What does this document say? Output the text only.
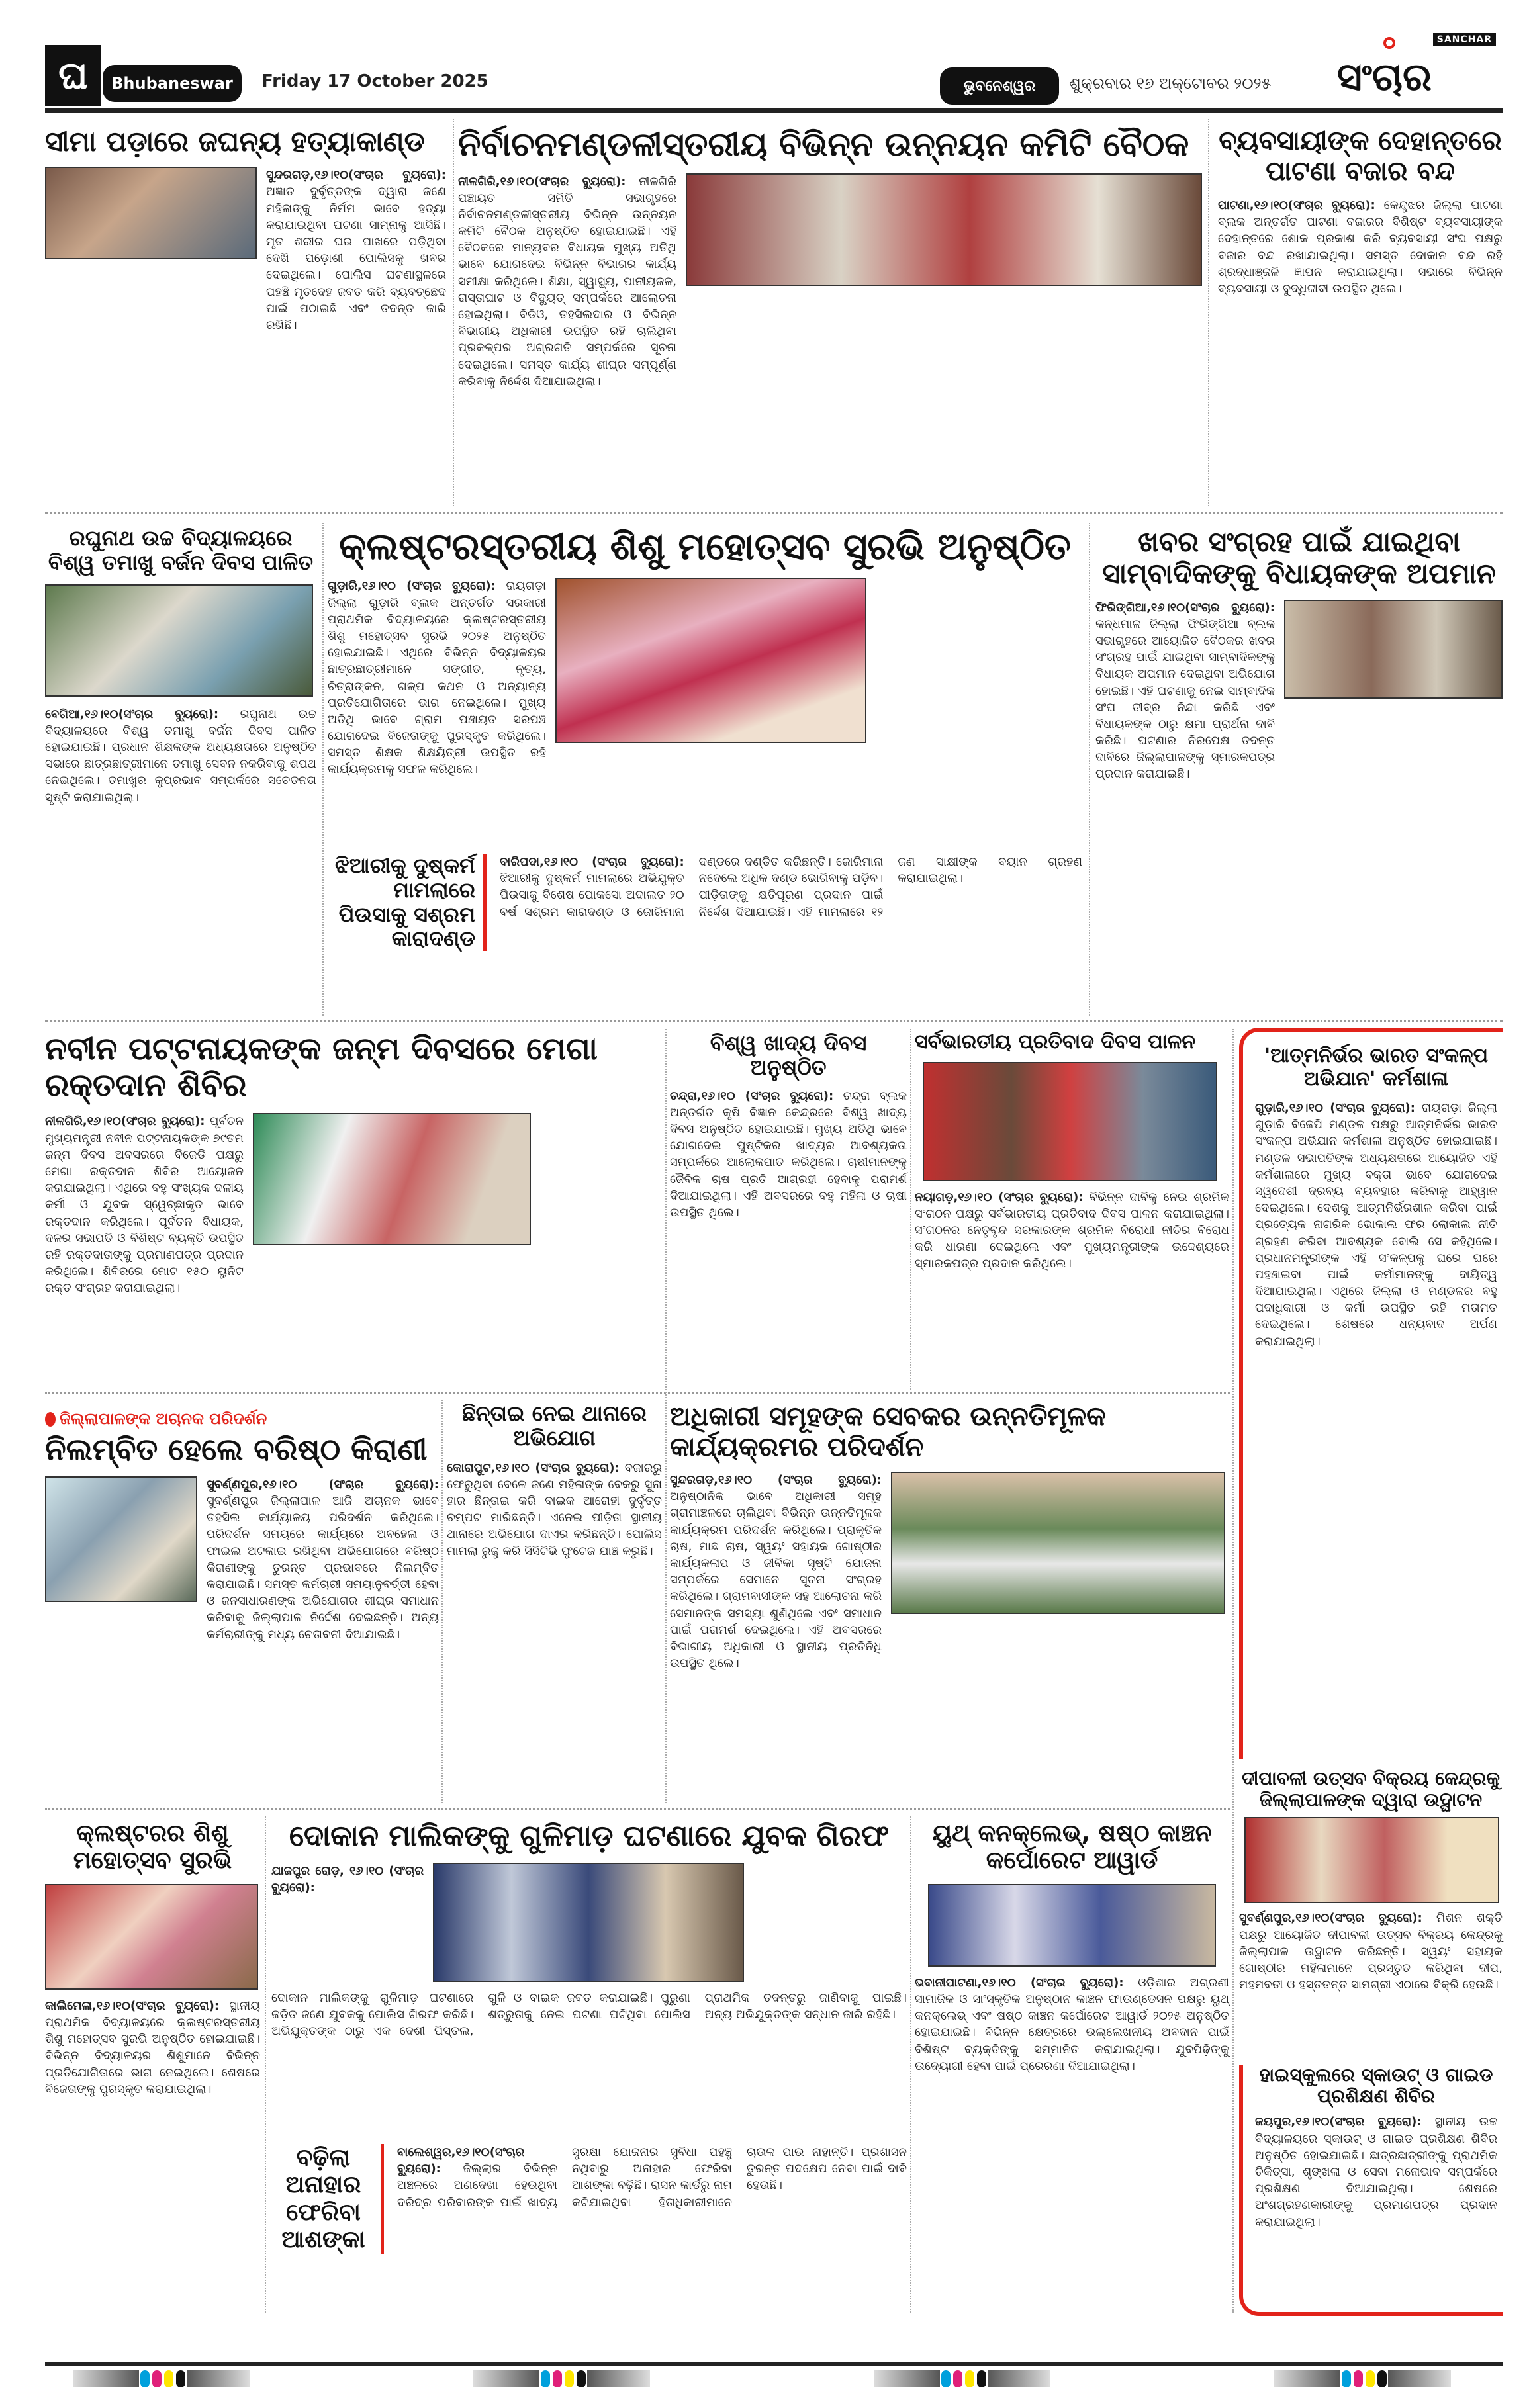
ଘ	Bhubaneswar	Friday 17 October 2025	ଭୁବନେଶ୍ୱର	ଶୁକ୍ରବାର ୧୭ ଅକ୍ଟୋବର ୨୦୨୫
SANCHAR
ସଂଚାର
ସୀମା ପଡ଼ାରେ ଜଘନ୍ୟ ହତ୍ୟାକାଣ୍ଡ
ସୁନ୍ଦରଗଡ଼,୧୬।୧୦(ସଂଚାର ବ୍ୟୁରୋ): ଅଜ୍ଞାତ ଦୁର୍ବୃତ୍ତଙ୍କ ଦ୍ୱାରା ଜଣେ ମହିଳାଙ୍କୁ ନିର୍ମମ ଭାବେ ହତ୍ୟା କରାଯାଇଥିବା ଘଟଣା ସାମ୍ନାକୁ ଆସିଛି। ମୃତ ଶରୀର ଘର ପାଖରେ ପଡ଼ିଥିବା ଦେଖି ପଡ଼ୋଶୀ ପୋଲିସକୁ ଖବର ଦେଇଥିଲେ। ପୋଲିସ ଘଟଣାସ୍ଥଳରେ ପହଞ୍ଚି ମୃତଦେହ ଜବତ କରି ବ୍ୟବଚ୍ଛେଦ ପାଇଁ ପଠାଇଛି ଏବଂ ତଦନ୍ତ ଜାରି ରଖିଛି।
ନିର୍ବାଚନମଣ୍ଡଳୀସ୍ତରୀୟ ବିଭିନ୍ନ ଉନ୍ନୟନ କମିଟି ବୈଠକ
ନୀଳଗିରି,୧୬।୧୦(ସଂଚାର ବ୍ୟୁରୋ): ନୀଳଗିରି ପଞ୍ଚାୟତ ସମିତି ସଭାଗୃହରେ ନିର୍ବାଚନମଣ୍ଡଳୀସ୍ତରୀୟ ବିଭିନ୍ନ ଉନ୍ନୟନ କମିଟି ବୈଠକ ଅନୁଷ୍ଠିତ ହୋଇଯାଇଛି। ଏହି ବୈଠକରେ ମାନ୍ୟବର ବିଧାୟକ ମୁଖ୍ୟ ଅତିଥି ଭାବେ ଯୋଗଦେଇ ବିଭିନ୍ନ ବିଭାଗର କାର୍ଯ୍ୟ ସମୀକ୍ଷା କରିଥିଲେ। ଶିକ୍ଷା, ସ୍ୱାସ୍ଥ୍ୟ, ପାନୀୟଜଳ, ରାସ୍ତାଘାଟ ଓ ବିଦ୍ୟୁତ୍ ସମ୍ପର୍କରେ ଆଲୋଚନା ହୋଇଥିଲା। ବିଡିଓ, ତହସିଲଦାର ଓ ବିଭିନ୍ନ ବିଭାଗୀୟ ଅଧିକାରୀ ଉପସ୍ଥିତ ରହି ଚାଲିଥିବା ପ୍ରକଳ୍ପର ଅଗ୍ରଗତି ସମ୍ପର୍କରେ ସୂଚନା ଦେଇଥିଲେ। ସମସ୍ତ କାର୍ଯ୍ୟ ଶୀଘ୍ର ସମ୍ପୂର୍ଣ୍ଣ କରିବାକୁ ନିର୍ଦ୍ଦେଶ ଦିଆଯାଇଥିଲା।
ବ୍ୟବସାୟୀଙ୍କ ଦେହାନ୍ତରେ ପାଟଣା ବଜାର ବନ୍ଦ
ପାଟଣା,୧୬।୧୦(ସଂଚାର ବ୍ୟୁରୋ): କେନ୍ଦୁଝର ଜିଲ୍ଲା ପାଟଣା ବ୍ଲକ ଅନ୍ତର୍ଗତ ପାଟଣା ବଜାରର ବିଶିଷ୍ଟ ବ୍ୟବସାୟୀଙ୍କ ଦେହାନ୍ତରେ ଶୋକ ପ୍ରକାଶ କରି ବ୍ୟବସାୟୀ ସଂଘ ପକ୍ଷରୁ ବଜାର ବନ୍ଦ ରଖାଯାଇଥିଲା। ସମସ୍ତ ଦୋକାନ ବନ୍ଦ ରହି ଶ୍ରଦ୍ଧାଞ୍ଜଳି ଜ୍ଞାପନ କରାଯାଇଥିଲା। ସଭାରେ ବିଭିନ୍ନ ବ୍ୟବସାୟୀ ଓ ବୁଦ୍ଧିଜୀବୀ ଉପସ୍ଥିତ ଥିଲେ।
ରଘୁନାଥ ଉଚ୍ଚ ବିଦ୍ୟାଳୟରେ ବିଶ୍ୱ ତମାଖୁ ବର୍ଜନ ଦିବସ ପାଳିତ
ବେଗିଆ,୧୬।୧୦(ସଂଚାର ବ୍ୟୁରୋ): ରଘୁନାଥ ଉଚ୍ଚ ବିଦ୍ୟାଳୟରେ ବିଶ୍ୱ ତମାଖୁ ବର୍ଜନ ଦିବସ ପାଳିତ ହୋଇଯାଇଛି। ପ୍ରଧାନ ଶିକ୍ଷକଙ୍କ ଅଧ୍ୟକ୍ଷତାରେ ଅନୁଷ୍ଠିତ ସଭାରେ ଛାତ୍ରଛାତ୍ରୀମାନେ ତମାଖୁ ସେବନ ନକରିବାକୁ ଶପଥ ନେଇଥିଲେ। ତମାଖୁର କୁପ୍ରଭାବ ସମ୍ପର୍କରେ ସଚେତନତା ସୃଷ୍ଟି କରାଯାଇଥିଲା।
କ୍ଲଷ୍ଟରସ୍ତରୀୟ ଶିଶୁ ମହୋତ୍ସବ ସୁରଭି ଅନୁଷ୍ଠିତ
ଗୁଡ଼ାରି,୧୬।୧୦ (ସଂଚାର ବ୍ୟୁରୋ): ରାୟଗଡ଼ା ଜିଲ୍ଲା ଗୁଡ଼ାରି ବ୍ଲକ ଅନ୍ତର୍ଗତ ସରକାରୀ ପ୍ରାଥମିକ ବିଦ୍ୟାଳୟରେ କ୍ଲଷ୍ଟରସ୍ତରୀୟ ଶିଶୁ ମହୋତ୍ସବ ସୁରଭି ୨୦୨୫ ଅନୁଷ୍ଠିତ ହୋଇଯାଇଛି। ଏଥିରେ ବିଭିନ୍ନ ବିଦ୍ୟାଳୟର ଛାତ୍ରଛାତ୍ରୀମାନେ ସଙ୍ଗୀତ, ନୃତ୍ୟ, ଚିତ୍ରାଙ୍କନ, ଗଳ୍ପ କଥନ ଓ ଅନ୍ୟାନ୍ୟ ପ୍ରତିଯୋଗିତାରେ ଭାଗ ନେଇଥିଲେ। ମୁଖ୍ୟ ଅତିଥି ଭାବେ ଗ୍ରାମ ପଞ୍ଚାୟତ ସରପଞ୍ଚ ଯୋଗଦେଇ ବିଜେତାଙ୍କୁ ପୁରସ୍କୃତ କରିଥିଲେ। ସମସ୍ତ ଶିକ୍ଷକ ଶିକ୍ଷୟିତ୍ରୀ ଉପସ୍ଥିତ ରହି କାର୍ଯ୍ୟକ୍ରମକୁ ସଫଳ କରିଥିଲେ।
ଝିଆରୀକୁ ଦୁଷ୍କର୍ମ ମାମଲାରେ ପିଉସାକୁ ସଶ୍ରମ କାରାଦଣ୍ଡ
ବାରିପଦା,୧୬।୧୦ (ସଂଚାର ବ୍ୟୁରୋ): ଝିଆରୀକୁ ଦୁଷ୍କର୍ମ ମାମଲାରେ ଅଭିଯୁକ୍ତ ପିଉସାକୁ ବିଶେଷ ପୋକସୋ ଅଦାଲତ ୨୦ ବର୍ଷ ସଶ୍ରମ କାରାଦଣ୍ଡ ଓ ଜୋରିମାନା ଦଣ୍ଡରେ ଦଣ୍ଡିତ କରିଛନ୍ତି। ଜୋରିମାନା ନଦେଲେ ଅଧିକ ଦଣ୍ଡ ଭୋଗିବାକୁ ପଡ଼ିବ। ପୀଡ଼ିତାଙ୍କୁ କ୍ଷତିପୂରଣ ପ୍ରଦାନ ପାଇଁ ନିର୍ଦ୍ଦେଶ ଦିଆଯାଇଛି। ଏହି ମାମଲାରେ ୧୨ ଜଣ ସାକ୍ଷୀଙ୍କ ବୟାନ ଗ୍ରହଣ କରାଯାଇଥିଲା।
ଖବର ସଂଗ୍ରହ ପାଇଁ ଯାଇଥିବା ସାମ୍ବାଦିକଙ୍କୁ ବିଧାୟକଙ୍କ ଅପମାନ
ଫିରିଙ୍ଗିଆ,୧୬।୧୦(ସଂଚାର ବ୍ୟୁରୋ): କନ୍ଧମାଳ ଜିଲ୍ଲା ଫିରିଙ୍ଗିଆ ବ୍ଲକ ସଭାଗୃହରେ ଆୟୋଜିତ ବୈଠକର ଖବର ସଂଗ୍ରହ ପାଇଁ ଯାଇଥିବା ସାମ୍ବାଦିକଙ୍କୁ ବିଧାୟକ ଅପମାନ ଦେଇଥିବା ଅଭିଯୋଗ ହୋଇଛି। ଏହି ଘଟଣାକୁ ନେଇ ସାମ୍ବାଦିକ ସଂଘ ତୀବ୍ର ନିନ୍ଦା କରିଛି ଏବଂ ବିଧାୟକଙ୍କ ଠାରୁ କ୍ଷମା ପ୍ରାର୍ଥନା ଦାବି କରିଛି। ଘଟଣାର ନିରପେକ୍ଷ ତଦନ୍ତ ଦାବିରେ ଜିଲ୍ଲାପାଳଙ୍କୁ ସ୍ମାରକପତ୍ର ପ୍ରଦାନ କରାଯାଇଛି।
ନବୀନ ପଟ୍ଟନାୟକଙ୍କ ଜନ୍ମ ଦିବସରେ ମେଗା ରକ୍ତଦାନ ଶିବିର
ନୀଳଗିରି,୧୬।୧୦(ସଂଚାର ବ୍ୟୁରୋ): ପୂର୍ବତନ ମୁଖ୍ୟମନ୍ତ୍ରୀ ନବୀନ ପଟ୍ଟନାୟକଙ୍କ ୭୯ତମ ଜନ୍ମ ଦିବସ ଅବସରରେ ବିଜେଡି ପକ୍ଷରୁ ମେଗା ରକ୍ତଦାନ ଶିବିର ଆୟୋଜନ କରାଯାଇଥିଲା। ଏଥିରେ ବହୁ ସଂଖ୍ୟକ ଦଳୀୟ କର୍ମୀ ଓ ଯୁବକ ସ୍ୱେଚ୍ଛାକୃତ ଭାବେ ରକ୍ତଦାନ କରିଥିଲେ। ପୂର୍ବତନ ବିଧାୟକ, ଦଳର ସଭାପତି ଓ ବିଶିଷ୍ଟ ବ୍ୟକ୍ତି ଉପସ୍ଥିତ ରହି ରକ୍ତଦାତାଙ୍କୁ ପ୍ରମାଣପତ୍ର ପ୍ରଦାନ କରିଥିଲେ। ଶିବିରରେ ମୋଟ ୧୫୦ ୟୁନିଟ ରକ୍ତ ସଂଗ୍ରହ କରାଯାଇଥିଲା।
ବିଶ୍ୱ ଖାଦ୍ୟ ଦିବସ ଅନୁଷ୍ଠିତ
ଚନ୍ଦ୍ରା,୧୬।୧୦ (ସଂଚାର ବ୍ୟୁରୋ): ଚନ୍ଦ୍ରା ବ୍ଲକ ଅନ୍ତର୍ଗତ କୃଷି ବିଜ୍ଞାନ କେନ୍ଦ୍ରରେ ବିଶ୍ୱ ଖାଦ୍ୟ ଦିବସ ଅନୁଷ୍ଠିତ ହୋଇଯାଇଛି। ମୁଖ୍ୟ ଅତିଥି ଭାବେ ଯୋଗଦେଇ ପୁଷ୍ଟିକର ଖାଦ୍ୟର ଆବଶ୍ୟକତା ସମ୍ପର୍କରେ ଆଲୋକପାତ କରିଥିଲେ। ଚାଷୀମାନଙ୍କୁ ଜୈବିକ ଚାଷ ପ୍ରତି ଆଗ୍ରହୀ ହେବାକୁ ପରାମର୍ଶ ଦିଆଯାଇଥିଲା। ଏହି ଅବସରରେ ବହୁ ମହିଳା ଓ ଚାଷୀ ଉପସ୍ଥିତ ଥିଲେ।
ସର୍ବଭାରତୀୟ ପ୍ରତିବାଦ ଦିବସ ପାଳନ
ନୟାଗଡ଼,୧୬।୧୦ (ସଂଚାର ବ୍ୟୁରୋ): ବିଭିନ୍ନ ଦାବିକୁ ନେଇ ଶ୍ରମିକ ସଂଗଠନ ପକ୍ଷରୁ ସର୍ବଭାରତୀୟ ପ୍ରତିବାଦ ଦିବସ ପାଳନ କରାଯାଇଥିଲା। ସଂଗଠନର ନେତୃବୃନ୍ଦ ସରକାରଙ୍କ ଶ୍ରମିକ ବିରୋଧୀ ନୀତିର ବିରୋଧ କରି ଧାରଣା ଦେଇଥିଲେ ଏବଂ ମୁଖ୍ୟମନ୍ତ୍ରୀଙ୍କ ଉଦ୍ଦେଶ୍ୟରେ ସ୍ମାରକପତ୍ର ପ୍ରଦାନ କରିଥିଲେ।
'ଆତ୍ମନିର୍ଭର ଭାରତ ସଂକଳ୍ପ ଅଭିଯାନ' କର୍ମଶାଳା
ଗୁଡ଼ାରି,୧୬।୧୦ (ସଂଚାର ବ୍ୟୁରୋ): ରାୟଗଡ଼ା ଜିଲ୍ଲା ଗୁଡ଼ାରି ବିଜେପି ମଣ୍ଡଳ ପକ୍ଷରୁ ଆତ୍ମନିର୍ଭର ଭାରତ ସଂକଳ୍ପ ଅଭିଯାନ କର୍ମଶାଳା ଅନୁଷ୍ଠିତ ହୋଇଯାଇଛି। ମଣ୍ଡଳ ସଭାପତିଙ୍କ ଅଧ୍ୟକ୍ଷତାରେ ଆୟୋଜିତ ଏହି କର୍ମଶାଳାରେ ମୁଖ୍ୟ ବକ୍ତା ଭାବେ ଯୋଗଦେଇ ସ୍ୱଦେଶୀ ଦ୍ରବ୍ୟ ବ୍ୟବହାର କରିବାକୁ ଆହ୍ୱାନ ଦେଇଥିଲେ। ଦେଶକୁ ଆତ୍ମନିର୍ଭରଶୀଳ କରିବା ପାଇଁ ପ୍ରତ୍ୟେକ ନାଗରିକ ଭୋକାଲ ଫର ଲୋକାଲ ନୀତି ଗ୍ରହଣ କରିବା ଆବଶ୍ୟକ ବୋଲି ସେ କହିଥିଲେ। ପ୍ରଧାନମନ୍ତ୍ରୀଙ୍କ ଏହି ସଂକଳ୍ପକୁ ଘରେ ଘରେ ପହଞ୍ଚାଇବା ପାଇଁ କର୍ମୀମାନଙ୍କୁ ଦାୟିତ୍ୱ ଦିଆଯାଇଥିଲା। ଏଥିରେ ଜିଲ୍ଲା ଓ ମଣ୍ଡଳର ବହୁ ପଦାଧିକାରୀ ଓ କର୍ମୀ ଉପସ୍ଥିତ ରହି ମତାମତ ଦେଇଥିଲେ। ଶେଷରେ ଧନ୍ୟବାଦ ଅର୍ପଣ କରାଯାଇଥିଲା।
ଜିଲ୍ଲାପାଳଙ୍କ ଅଚାନକ ପରିଦର୍ଶନ
ନିଲମ୍ବିତ ହେଲେ ବରିଷ୍ଠ କିରାଣୀ
ସୁବର୍ଣ୍ଣପୁର,୧୬।୧୦ (ସଂଚାର ବ୍ୟୁରୋ): ସୁବର୍ଣ୍ଣପୁର ଜିଲ୍ଲାପାଳ ଆଜି ଅଚାନକ ଭାବେ ତହସିଲ କାର୍ଯ୍ୟାଳୟ ପରିଦର୍ଶନ କରିଥିଲେ। ପରିଦର୍ଶନ ସମୟରେ କାର୍ଯ୍ୟରେ ଅବହେଳା ଓ ଫାଇଲ ଅଟକାଇ ରଖିଥିବା ଅଭିଯୋଗରେ ବରିଷ୍ଠ କିରାଣୀଙ୍କୁ ତୁରନ୍ତ ପ୍ରଭାବରେ ନିଲମ୍ବିତ କରାଯାଇଛି। ସମସ୍ତ କର୍ମଚାରୀ ସମୟାନୁବର୍ତ୍ତୀ ହେବା ଓ ଜନସାଧାରଣଙ୍କ ଅଭିଯୋଗର ଶୀଘ୍ର ସମାଧାନ କରିବାକୁ ଜିଲ୍ଲାପାଳ ନିର୍ଦ୍ଦେଶ ଦେଇଛନ୍ତି। ଅନ୍ୟ କର୍ମଚାରୀଙ୍କୁ ମଧ୍ୟ ଚେତାବନୀ ଦିଆଯାଇଛି।
ଛିନ୍ତାଇ ନେଇ ଥାନାରେ ଅଭିଯୋଗ
କୋରାପୁଟ,୧୬।୧୦ (ସଂଚାର ବ୍ୟୁରୋ): ବଜାରରୁ ଫେରୁଥିବା ବେଳେ ଜଣେ ମହିଳାଙ୍କ ବେକରୁ ସୁନା ହାର ଛିନ୍ତାଇ କରି ବାଇକ ଆରୋହୀ ଦୁର୍ବୃତ୍ତ ଚମ୍ପଟ ମାରିଛନ୍ତି। ଏନେଇ ପୀଡ଼ିତା ସ୍ଥାନୀୟ ଥାନାରେ ଅଭିଯୋଗ ଦାଏର କରିଛନ୍ତି। ପୋଲିସ ମାମଲା ରୁଜୁ କରି ସିସିଟିଭି ଫୁଟେଜ ଯାଞ୍ଚ କରୁଛି।
ଅଧିକାରୀ ସମୂହଙ୍କ ସେବକର ଉନ୍ନତିମୂଳକ କାର୍ଯ୍ୟକ୍ରମର ପରିଦର୍ଶନ
ସୁନ୍ଦରଗଡ଼,୧୬।୧୦ (ସଂଚାର ବ୍ୟୁରୋ): ଅନୁଷ୍ଠାନିକ ଭାବେ ଅଧିକାରୀ ସମୂହ ଗ୍ରାମାଞ୍ଚଳରେ ଚାଲିଥିବା ବିଭିନ୍ନ ଉନ୍ନତିମୂଳକ କାର୍ଯ୍ୟକ୍ରମ ପରିଦର୍ଶନ କରିଥିଲେ। ପ୍ରାକୃତିକ ଚାଷ, ମାଛ ଚାଷ, ସ୍ୱୟଂ ସହାୟକ ଗୋଷ୍ଠୀର କାର୍ଯ୍ୟକଳାପ ଓ ଜୀବିକା ସୃଷ୍ଟି ଯୋଜନା ସମ୍ପର୍କରେ ସେମାନେ ସୂଚନା ସଂଗ୍ରହ କରିଥିଲେ। ଗ୍ରାମବାସୀଙ୍କ ସହ ଆଲୋଚନା କରି ସେମାନଙ୍କ ସମସ୍ୟା ଶୁଣିଥିଲେ ଏବଂ ସମାଧାନ ପାଇଁ ପରାମର୍ଶ ଦେଇଥିଲେ। ଏହି ଅବସରରେ ବିଭାଗୀୟ ଅଧିକାରୀ ଓ ସ୍ଥାନୀୟ ପ୍ରତିନିଧି ଉପସ୍ଥିତ ଥିଲେ।
ଦୀପାବଳୀ ଉତ୍ସବ ବିକ୍ରୟ କେନ୍ଦ୍ରକୁ ଜିଲ୍ଲାପାଳଙ୍କ ଦ୍ୱାରା ଉଦ୍ଘାଟନ
ସୁବର୍ଣ୍ଣପୁର,୧୬।୧୦(ସଂଚାର ବ୍ୟୁରୋ): ମିଶନ ଶକ୍ତି ପକ୍ଷରୁ ଆୟୋଜିତ ଦୀପାବଳୀ ଉତ୍ସବ ବିକ୍ରୟ କେନ୍ଦ୍ରକୁ ଜିଲ୍ଲାପାଳ ଉଦ୍ଘାଟନ କରିଛନ୍ତି। ସ୍ୱୟଂ ସହାୟକ ଗୋଷ୍ଠୀର ମହିଳାମାନେ ପ୍ରସ୍ତୁତ କରିଥିବା ଦୀପ, ମହମବତୀ ଓ ହସ୍ତତନ୍ତ ସାମଗ୍ରୀ ଏଠାରେ ବିକ୍ରି ହେଉଛି।
ହାଇସ୍କୁଲରେ ସ୍କାଉଟ୍ ଓ ଗାଇଡ ପ୍ରଶିକ୍ଷଣ ଶିବିର
ଜୟପୁର,୧୬।୧୦(ସଂଚାର ବ୍ୟୁରୋ): ସ୍ଥାନୀୟ ଉଚ୍ଚ ବିଦ୍ୟାଳୟରେ ସ୍କାଉଟ୍ ଓ ଗାଇଡ ପ୍ରଶିକ୍ଷଣ ଶିବିର ଅନୁଷ୍ଠିତ ହୋଇଯାଇଛି। ଛାତ୍ରଛାତ୍ରୀଙ୍କୁ ପ୍ରାଥମିକ ଚିକିତ୍ସା, ଶୃଙ୍ଖଳା ଓ ସେବା ମନୋଭାବ ସମ୍ପର୍କରେ ପ୍ରଶିକ୍ଷଣ ଦିଆଯାଇଥିଲା। ଶେଷରେ ଅଂଶଗ୍ରହଣକାରୀଙ୍କୁ ପ୍ରମାଣପତ୍ର ପ୍ରଦାନ କରାଯାଇଥିଲା।
କ୍ଲଷ୍ଟରର ଶିଶୁ ମହୋତ୍ସବ ସୁରଭି
କାଲିମେଳା,୧୬।୧୦(ସଂଚାର ବ୍ୟୁରୋ): ସ୍ଥାନୀୟ ପ୍ରାଥମିକ ବିଦ୍ୟାଳୟରେ କ୍ଲଷ୍ଟରସ୍ତରୀୟ ଶିଶୁ ମହୋତ୍ସବ ସୁରଭି ଅନୁଷ୍ଠିତ ହୋଇଯାଇଛି। ବିଭିନ୍ନ ବିଦ୍ୟାଳୟର ଶିଶୁମାନେ ବିଭିନ୍ନ ପ୍ରତିଯୋଗିତାରେ ଭାଗ ନେଇଥିଲେ। ଶେଷରେ ବିଜେତାଙ୍କୁ ପୁରସ୍କୃତ କରାଯାଇଥିଲା।
ଦୋକାନ ମାଲିକଙ୍କୁ ଗୁଳିମାଡ଼ ଘଟଣାରେ ଯୁବକ ଗିରଫ
ଯାଜପୁର ରୋଡ଼, ୧୬।୧୦ (ସଂଚାର ବ୍ୟୁରୋ):
ଦୋକାନ ମାଲିକଙ୍କୁ ଗୁଳିମାଡ଼ ଘଟଣାରେ ଜଡ଼ିତ ଜଣେ ଯୁବକକୁ ପୋଲିସ ଗିରଫ କରିଛି। ଅଭିଯୁକ୍ତଙ୍କ ଠାରୁ ଏକ ଦେଶୀ ପିସ୍ତଲ, ଗୁଳି ଓ ବାଇକ ଜବତ କରାଯାଇଛି। ପୁରୁଣା ଶତ୍ରୁତାକୁ ନେଇ ଘଟଣା ଘଟିଥିବା ପୋଲିସ ପ୍ରାଥମିକ ତଦନ୍ତରୁ ଜାଣିବାକୁ ପାଇଛି। ଅନ୍ୟ ଅଭିଯୁକ୍ତଙ୍କ ସନ୍ଧାନ ଜାରି ରହିଛି।
ବଢ଼ିଲା ଅନାହାର ଫେରିବା ଆଶଙ୍କା
ବାଲେଶ୍ୱର,୧୬।୧୦(ସଂଚାର ବ୍ୟୁରୋ): ଜିଲ୍ଲାର ବିଭିନ୍ନ ଅଞ୍ଚଳରେ ଅଣଦେଖା ହେଉଥିବା ଦରିଦ୍ର ପରିବାରଙ୍କ ପାଇଁ ଖାଦ୍ୟ ସୁରକ୍ଷା ଯୋଜନାର ସୁବିଧା ପହଞ୍ଚୁ ନଥିବାରୁ ଅନାହାର ଫେରିବା ଆଶଙ୍କା ବଢ଼ିଛି। ରାସନ କାର୍ଡରୁ ନାମ କଟିଯାଇଥିବା ହିତାଧିକାରୀମାନେ ଚାଉଳ ପାଉ ନାହାନ୍ତି। ପ୍ରଶାସନ ତୁରନ୍ତ ପଦକ୍ଷେପ ନେବା ପାଇଁ ଦାବି ହେଉଛି।
ୟୁଥ୍ କନକ୍ଲେଭ୍, ଷଷ୍ଠ କାଞ୍ଚନ କର୍ପୋରେଟ ଆୱାର୍ଡ
ଭବାନୀପାଟଣା,୧୬।୧୦ (ସଂଚାର ବ୍ୟୁରୋ): ଓଡ଼ିଶାର ଅଗ୍ରଣୀ ସାମାଜିକ ଓ ସାଂସ୍କୃତିକ ଅନୁଷ୍ଠାନ କାଞ୍ଚନ ଫାଉଣ୍ଡେସନ ପକ୍ଷରୁ ୟୁଥ୍ କନକ୍ଲେଭ୍ ଏବଂ ଷଷ୍ଠ କାଞ୍ଚନ କର୍ପୋରେଟ ଆୱାର୍ଡ ୨୦୨୫ ଅନୁଷ୍ଠିତ ହୋଇଯାଇଛି। ବିଭିନ୍ନ କ୍ଷେତ୍ରରେ ଉଲ୍ଲେଖନୀୟ ଅବଦାନ ପାଇଁ ବିଶିଷ୍ଟ ବ୍ୟକ୍ତିଙ୍କୁ ସମ୍ମାନିତ କରାଯାଇଥିଲା। ଯୁବପିଢ଼ିଙ୍କୁ ଉଦ୍ୟୋଗୀ ହେବା ପାଇଁ ପ୍ରେରଣା ଦିଆଯାଇଥିଲା।
